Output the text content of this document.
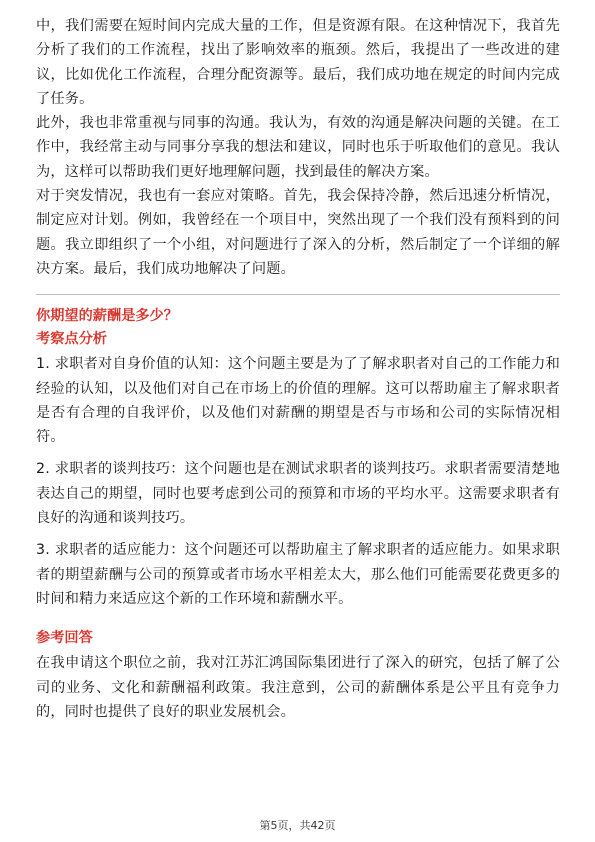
中，我们需要在短时间内完成大量的工作，但是资源有限。在这种情况下，我首先分析了我们的工作流程，找出了影响效率的瓶颈。然后，我提出了一些改进的建议，比如优化工作流程，合理分配资源等。最后，我们成功地在规定的时间内完成了任务。

此外，我也非常重视与同事的沟通。我认为，有效的沟通是解决问题的关键。在工作中，我经常主动与同事分享我的想法和建议，同时也乐于听取他们的意见。我认为，这样可以帮助我们更好地理解问题，找到最佳的解决方案。

对于突发情况，我也有一套应对策略。首先，我会保持冷静，然后迅速分析情况，制定应对计划。例如，我曾经在一个项目中，突然出现了一个我们没有预料到的问题。我立即组织了一个小组，对问题进行了深入的分析，然后制定了一个详细的解决方案。最后，我们成功地解决了问题。

你期望的薪酬是多少？

考察点分析

1. 求职者对自身价值的认知：这个问题主要是为了了解求职者对自己的工作能力和经验的认知，以及他们对自己在市场上的价值的理解。这可以帮助雇主了解求职者是否有合理的自我评价，以及他们对薪酬的期望是否与市场和公司的实际情况相符。

2. 求职者的谈判技巧：这个问题也是在测试求职者的谈判技巧。求职者需要清楚地表达自己的期望，同时也要考虑到公司的预算和市场的平均水平。这需要求职者有良好的沟通和谈判技巧。

3. 求职者的适应能力：这个问题还可以帮助雇主了解求职者的适应能力。如果求职者的期望薪酬与公司的预算或者市场水平相差太大，那么他们可能需要花费更多的时间和精力来适应这个新的工作环境和薪酬水平。

参考回答

在我申请这个职位之前，我对江苏汇鸿国际集团进行了深入的研究，包括了解了公司的业务、文化和薪酬福利政策。我注意到，公司的薪酬体系是公平且有竞争力的，同时也提供了良好的职业发展机会。

第5页，共42页
